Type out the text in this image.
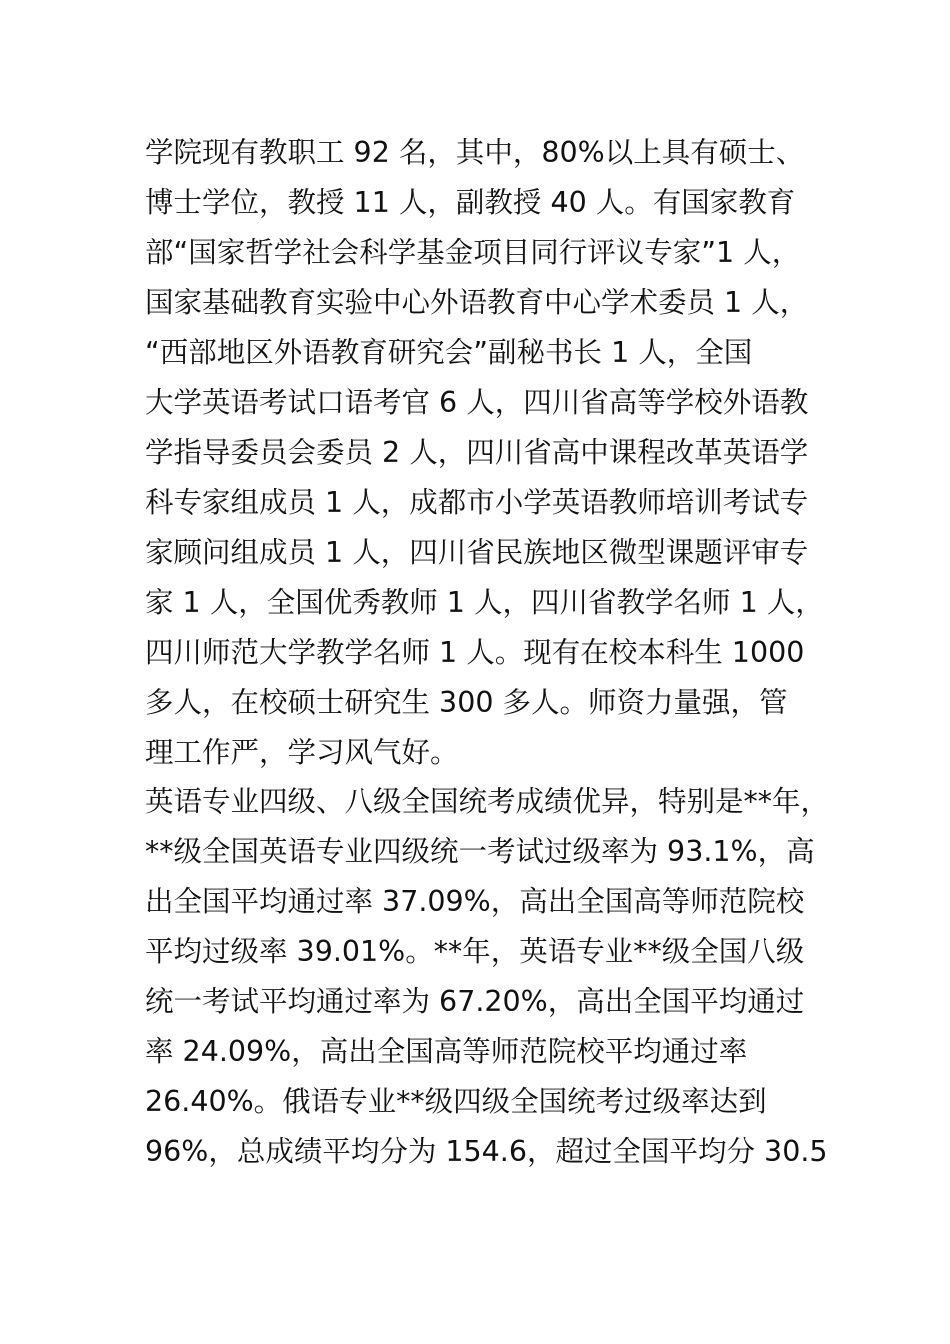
学院现有教职工 92 名，其中，80%以上具有硕士、
博士学位，教授 11 人，副教授 40 人。有国家教育
部“国家哲学社会科学基金项目同行评议专家”1 人，
国家基础教育实验中心外语教育中心学术委员 1 人，
“西部地区外语教育研究会”副秘书长 1 人，全国
大学英语考试口语考官 6 人，四川省高等学校外语教
学指导委员会委员 2 人，四川省高中课程改革英语学
科专家组成员 1 人，成都市小学英语教师培训考试专
家顾问组成员 1 人，四川省民族地区微型课题评审专
家 1 人，全国优秀教师 1 人，四川省教学名师 1 人，
四川师范大学教学名师 1 人。现有在校本科生 1000
多人，在校硕士研究生 300 多人。师资力量强，管
理工作严，学习风气好。
英语专业四级、八级全国统考成绩优异，特别是**年，
**级全国英语专业四级统一考试过级率为 93.1%，高
出全国平均通过率 37.09%，高出全国高等师范院校
平均过级率 39.01%。**年，英语专业**级全国八级
统一考试平均通过率为 67.20%，高出全国平均通过
率 24.09%，高出全国高等师范院校平均通过率
26.40%。俄语专业**级四级全国统考过级率达到
96%，总成绩平均分为 154.6，超过全国平均分 30.5
